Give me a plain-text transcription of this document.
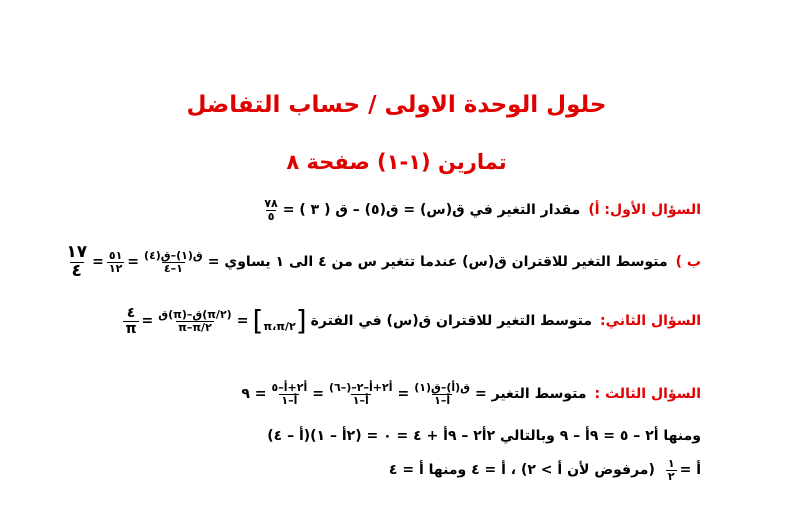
حلول الوحدة الاولى / حساب التفاضل
تمارين (١-١) صفحة ٨
السؤال الأول: أ)
مقدار التغير في ق(س) = ق(٥) – ق ( ٣ ) =
$\frac{٧٨}{٥}$
ب )
متوسط التغير للاقتران ق(س) عندما تتغير س من ٤ الى ١ يساوي =
$\frac{\text{ق(١)–ق(٤)}}{١-٤}$
=
$\frac{٥١}{١٢}$
=
$\frac{١٧}{٤}$
السؤال الثاني:
متوسط التغير للاقتران ق(س) في الفترة
[π،π/٢]
=
$\frac{\text{ق(π)–ق(π/٢)}}{\pi-\pi/٢}$
=
$\frac{٤}{\pi}$
السؤال الثالث :
متوسط التغير =
$\frac{\text{ق(أ)–ق(١)}}{\text{أ–١}}$
=
$\frac{\text{أ٢+أ–٢–(–٦)}}{\text{أ–١}}$
=
$\frac{\text{أ٢+أ–٥}}{\text{أ–١}}$
= ٩
ومنها أ٢ – ٥ = ٩أ – ٩ وبالتالي ٢أ٢ – ٩أ + ٤ = ٠ = (٢أ – ١)(أ – ٤)
أ =
$\frac{١}{٢}$
(مرفوض لأن أ > ٢) ، أ = ٤ ومنها أ = ٤
